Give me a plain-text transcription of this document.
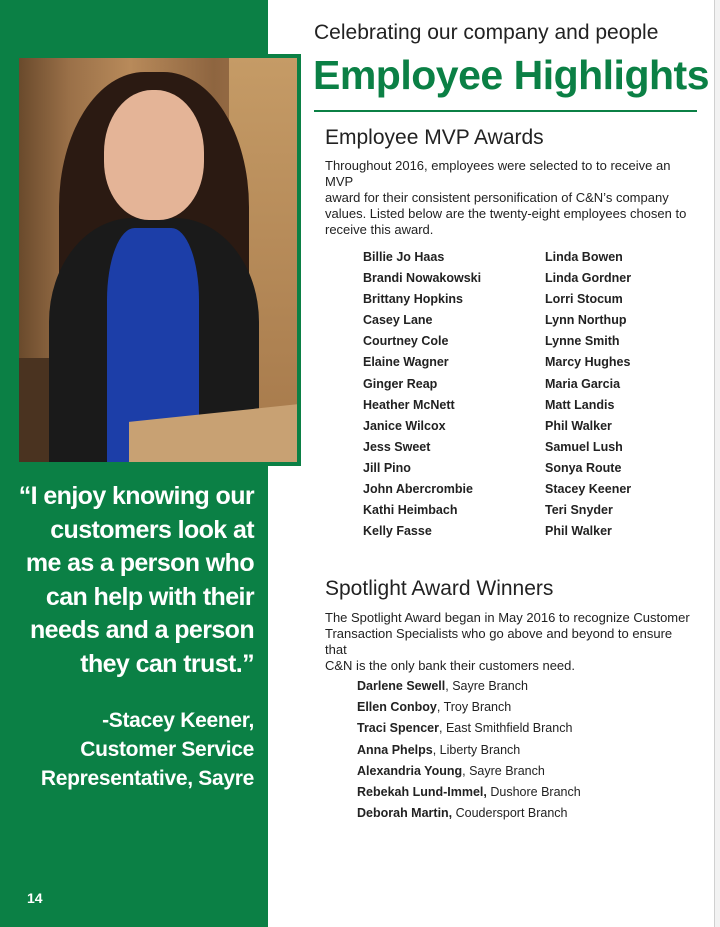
“I enjoy knowing our
customers look at
me as a person who
can help with their
needs and a person
they can trust.”
-Stacey Keener,
Customer Service
Representative, Sayre
14
Celebrating our company and people
Employee Highlights
Employee MVP Awards
Throughout 2016, employees were selected to to receive an MVP
award for their consistent personification of C&N’s company
values. Listed below are the twenty-eight employees chosen to
receive this award.
Billie Jo Haas
Brandi Nowakowski
Brittany Hopkins
Casey Lane
Courtney Cole
Elaine Wagner
Ginger Reap
Heather McNett
Janice Wilcox
Jess Sweet
Jill Pino
John Abercrombie
Kathi Heimbach
Kelly Fasse
Linda Bowen
Linda Gordner
Lorri Stocum
Lynn Northup
Lynne Smith
Marcy Hughes
Maria Garcia
Matt Landis
Phil Walker
Samuel Lush
Sonya Route
Stacey Keener
Teri Snyder
Phil Walker
Spotlight Award Winners
The Spotlight Award began in May 2016 to recognize Customer
Transaction Specialists who go above and beyond to ensure that
C&N is the only bank their customers need.
Darlene Sewell, Sayre Branch
Ellen Conboy, Troy Branch
Traci Spencer, East Smithfield Branch
Anna Phelps, Liberty Branch
Alexandria Young, Sayre Branch
Rebekah Lund-Immel, Dushore Branch
Deborah Martin, Coudersport Branch
